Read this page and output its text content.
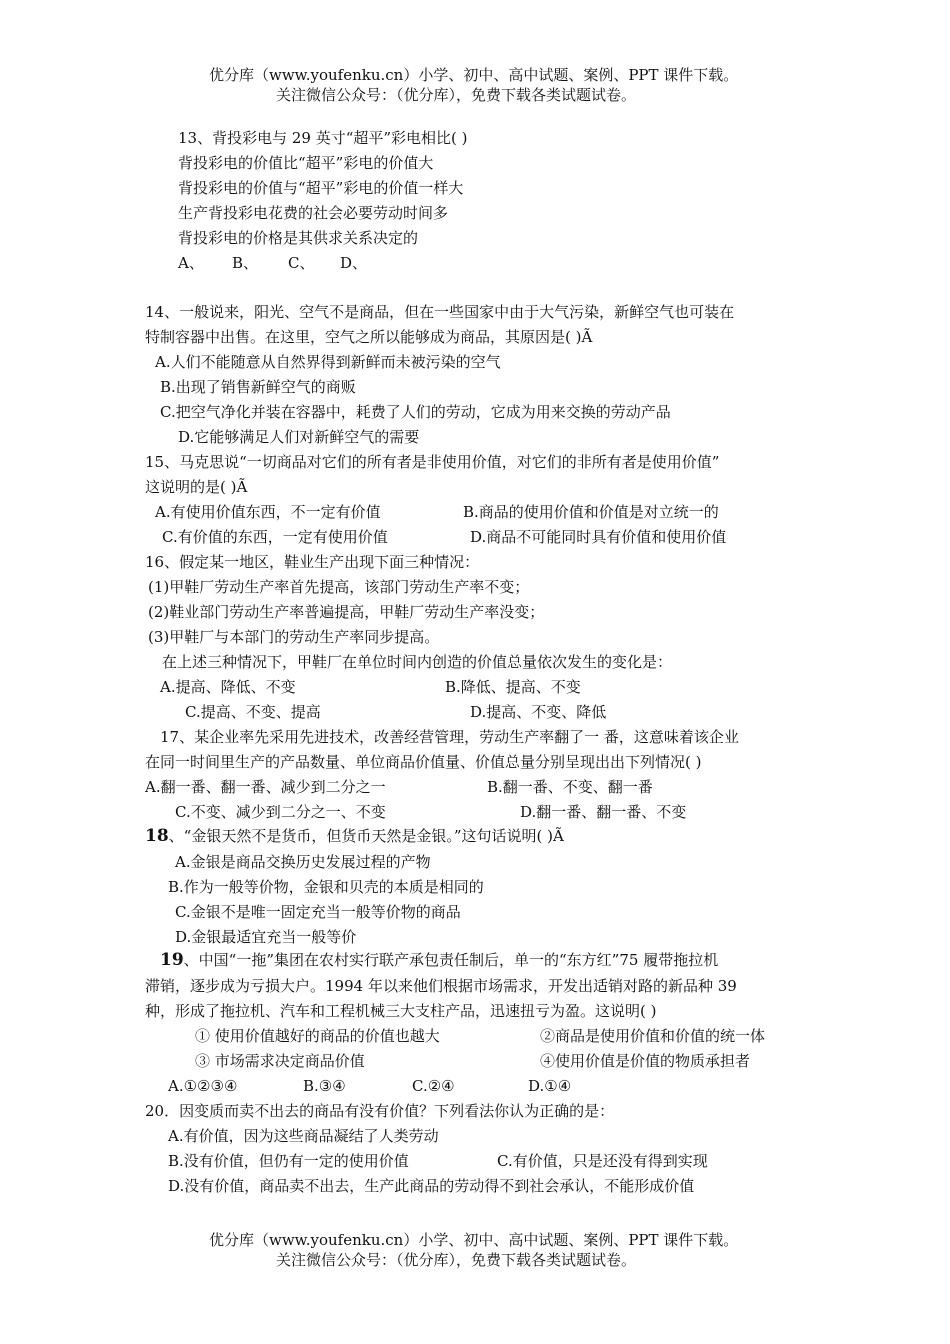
优分库（www.youfenku.cn）小学、初中、高中试题、案例、PPT 课件下载。
关注微信公众号：（优分库），免费下载各类试题试卷。
13、背投彩电与 29 英寸“超平”彩电相比( )
背投彩电的价值比“超平”彩电的价值大
背投彩电的价值与“超平”彩电的价值一样大
生产背投彩电花费的社会必要劳动时间多
背投彩电的价格是其供求关系决定的
A、 B、 C、 D、
14、一般说来，阳光、空气不是商品，但在一些国家中由于大气污染，新鲜空气也可装在
特制容器中出售。在这里，空气之所以能够成为商品，其原因是( )Ã
A.人们不能随意从自然界得到新鲜而未被污染的空气
B.出现了销售新鲜空气的商贩
C.把空气净化并装在容器中，耗费了人们的劳动，它成为用来交换的劳动产品
D.它能够满足人们对新鲜空气的需要
15、马克思说“一切商品对它们的所有者是非使用价值，对它们的非所有者是使用价值”
这说明的是( )Ã
A.有使用价值东西，不一定有价值	B.商品的使用价值和价值是对立统一的
C.有价值的东西，一定有使用价值	D.商品不可能同时具有价值和使用价值
16、假定某一地区，鞋业生产出现下面三种情况：
(1)甲鞋厂劳动生产率首先提高，该部门劳动生产率不变；
(2)鞋业部门劳动生产率普遍提高，甲鞋厂劳动生产率没变；
(3)甲鞋厂与本部门的劳动生产率同步提高。
在上述三种情况下，甲鞋厂在单位时间内创造的价值总量依次发生的变化是：
A.提高、降低、不变	B.降低、提高、不变
C.提高、不变、提高	D.提高、不变、降低
17、某企业率先采用先进技术，改善经营管理，劳动生产率翻了一 番，这意味着该企业
在同一时间里生产的产品数量、单位商品价值量、价值总量分别呈现出出下列情况( )
A.翻一番、翻一番、减少到二分之一	B.翻一番、不变、翻一番
C.不变、减少到二分之一、不变	D.翻一番、翻一番、不变
18、“金银天然不是货币，但货币天然是金银。”这句话说明( )Ã
A.金银是商品交换历史发展过程的产物
B.作为一般等价物，金银和贝壳的本质是相同的
C.金银不是唯一固定充当一般等价物的商品
D.金银最适宜充当一般等价
19、中国“一拖”集团在农村实行联产承包责任制后，单一的“东方红”75 履带拖拉机
滞销，逐步成为亏损大户。1994 年以来他们根据市场需求，开发出适销对路的新品种 39
种，形成了拖拉机、汽车和工程机械三大支柱产品，迅速扭亏为盈。这说明( )
① 使用价值越好的商品的价值也越大	②商品是使用价值和价值的统一体
③ 市场需求决定商品价值	④使用价值是价值的物质承担者
A.①②③④	B.③④	C.②④	D.①④
20．因变质而卖不出去的商品有没有价值？下列看法你认为正确的是：
A.有价值，因为这些商品凝结了人类劳动
B.没有价值，但仍有一定的使用价值	C.有价值，只是还没有得到实现
D.没有价值，商品卖不出去，生产此商品的劳动得不到社会承认，不能形成价值
优分库（www.youfenku.cn）小学、初中、高中试题、案例、PPT 课件下载。
关注微信公众号：（优分库），免费下载各类试题试卷。
